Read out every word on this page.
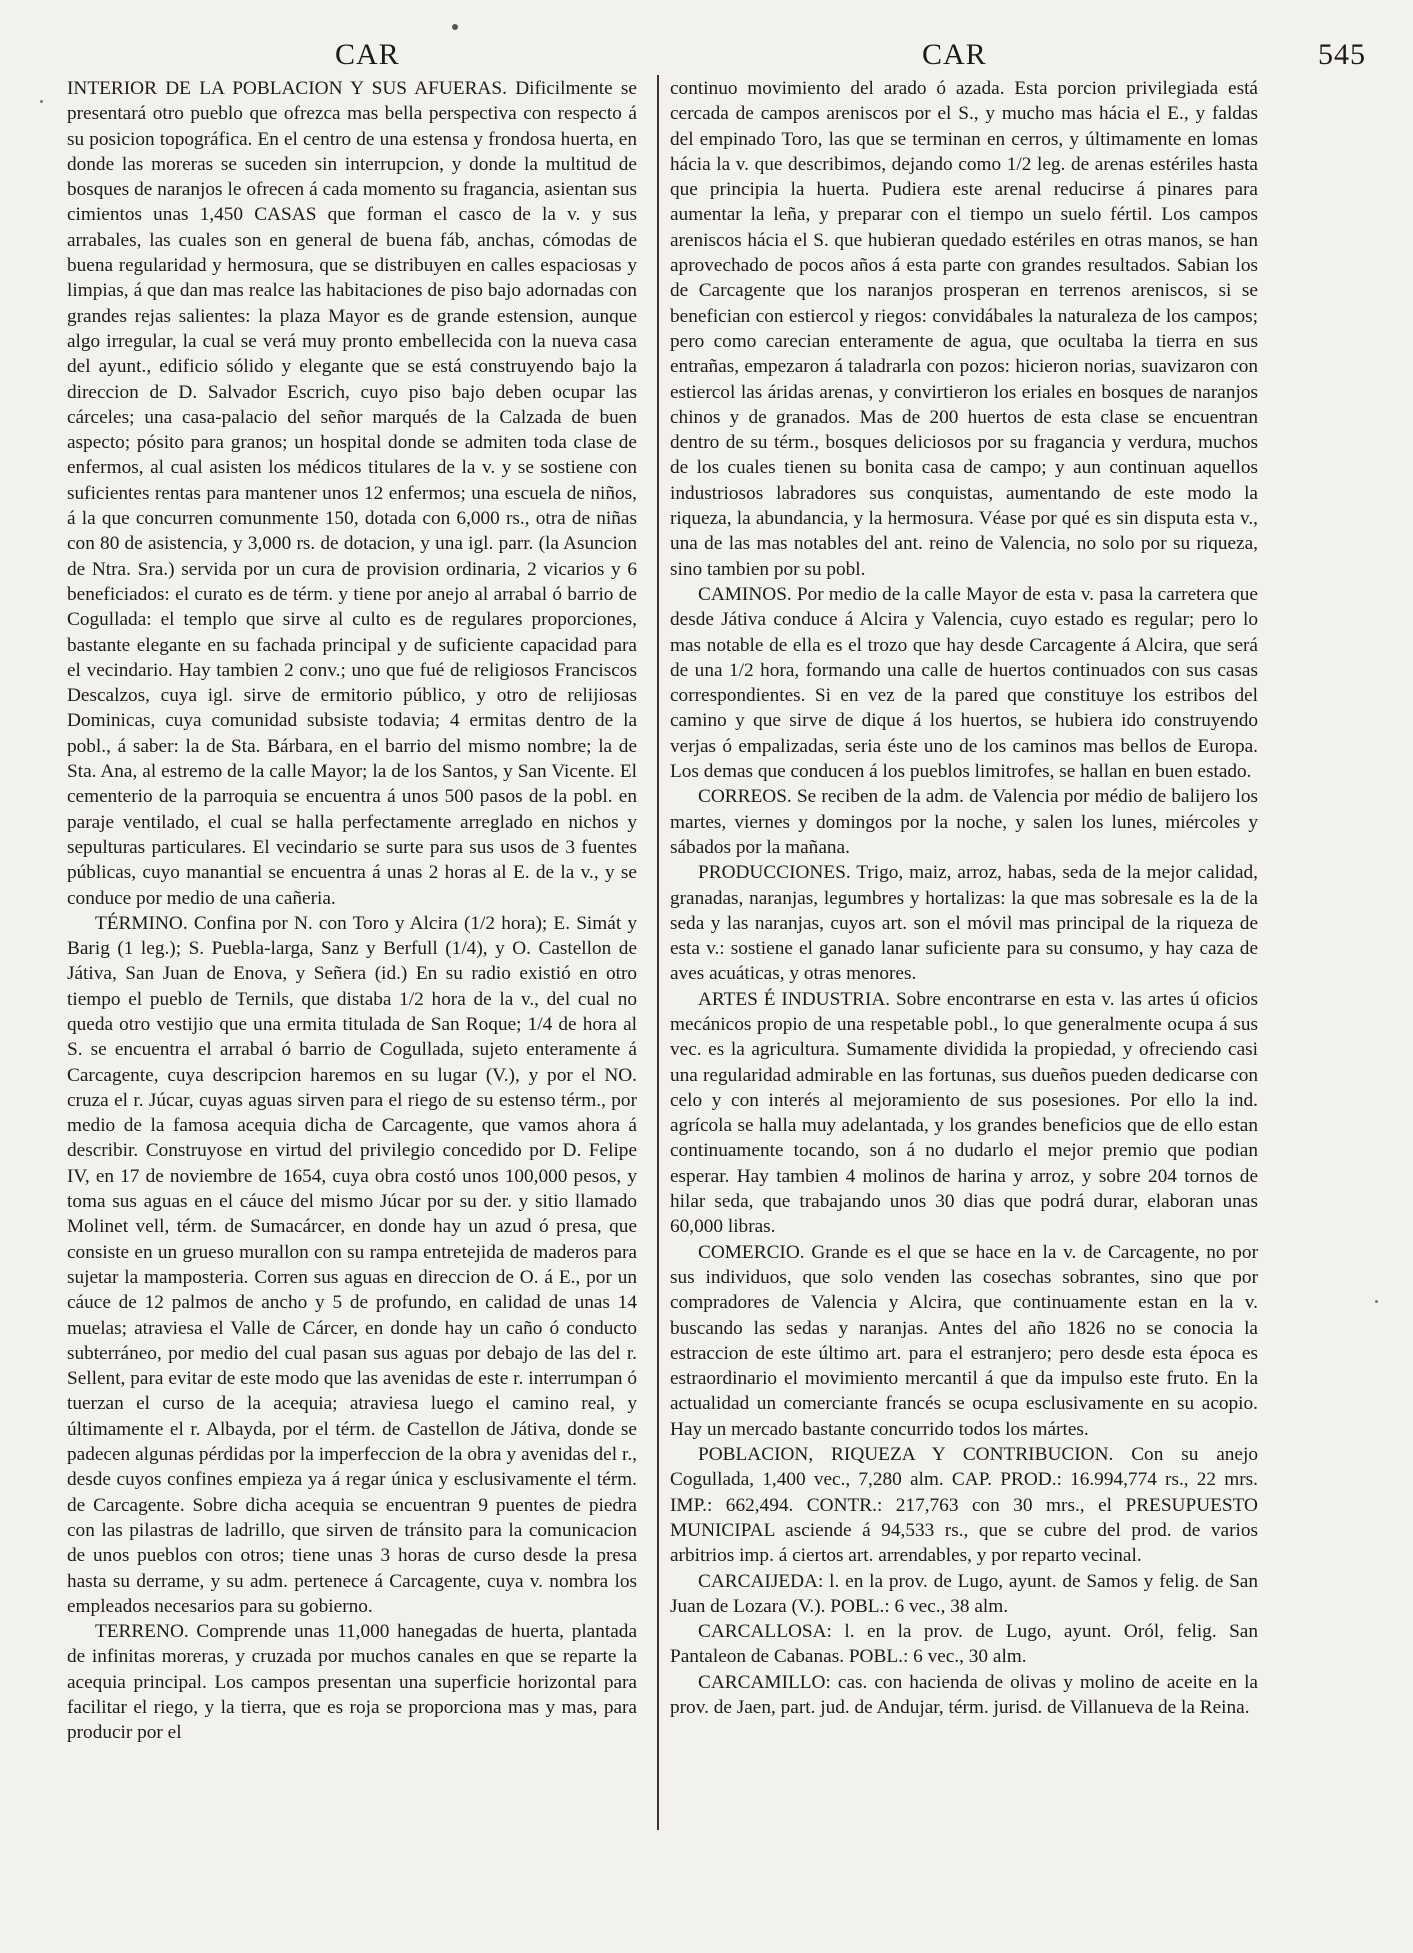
CAR	CAR	545

INTERIOR DE LA POBLACION Y SUS AFUERAS. Dificilmente se presentará otro pueblo que ofrezca mas bella perspectiva con respecto á su posicion topográfica. En el centro de una estensa y frondosa huerta, en donde las moreras se suceden sin interrupcion, y donde la multitud de bosques de naranjos le ofrecen á cada momento su fragancia, asientan sus cimientos unas 1,450 CASAS que forman el casco de la v. y sus arrabales, las cuales son en general de buena fáb, anchas, cómodas de buena regularidad y hermosura, que se distribuyen en calles espaciosas y limpias, á que dan mas realce las habitaciones de piso bajo adornadas con grandes rejas salientes: la plaza Mayor es de grande estension, aunque algo irregular, la cual se verá muy pronto embellecida con la nueva casa del ayunt., edificio sólido y elegante que se está construyendo bajo la direccion de D. Salvador Escrich, cuyo piso bajo deben ocupar las cárceles; una casa-palacio del señor marqués de la Calzada de buen aspecto; pósito para granos; un hospital donde se admiten toda clase de enfermos, al cual asisten los médicos titulares de la v. y se sostiene con suficientes rentas para mantener unos 12 enfermos; una escuela de niños, á la que concurren comunmente 150, dotada con 6,000 rs., otra de niñas con 80 de asistencia, y 3,000 rs. de dotacion, y una igl. parr. (la Asuncion de Ntra. Sra.) servida por un cura de provision ordinaria, 2 vicarios y 6 beneficiados: el curato es de térm. y tiene por anejo al arrabal ó barrio de Cogullada: el templo que sirve al culto es de regulares proporciones, bastante elegante en su fachada principal y de suficiente capacidad para el vecindario. Hay tambien 2 conv.; uno que fué de religiosos Franciscos Descalzos, cuya igl. sirve de ermitorio público, y otro de relijiosas Dominicas, cuya comunidad subsiste todavia; 4 ermitas dentro de la pobl., á saber: la de Sta. Bárbara, en el barrio del mismo nombre; la de Sta. Ana, al estremo de la calle Mayor; la de los Santos, y San Vicente. El cementerio de la parroquia se encuentra á unos 500 pasos de la pobl. en paraje ventilado, el cual se halla perfectamente arreglado en nichos y sepulturas particulares. El vecindario se surte para sus usos de 3 fuentes públicas, cuyo manantial se encuentra á unas 2 horas al E. de la v., y se conduce por medio de una cañeria.

TÉRMINO. Confina por N. con Toro y Alcira (1/2 hora); E. Simát y Barig (1 leg.); S. Puebla-larga, Sanz y Berfull (1/4), y O. Castellon de Játiva, San Juan de Enova, y Señera (id.) En su radio existió en otro tiempo el pueblo de Ternils, que distaba 1/2 hora de la v., del cual no queda otro vestijio que una ermita titulada de San Roque; 1/4 de hora al S. se encuentra el arrabal ó barrio de Cogullada, sujeto enteramente á Carcagente, cuya descripcion haremos en su lugar (V.), y por el NO. cruza el r. Júcar, cuyas aguas sirven para el riego de su estenso térm., por medio de la famosa acequia dicha de Carcagente, que vamos ahora á describir. Construyose en virtud del privilegio concedido por D. Felipe IV, en 17 de noviembre de 1654, cuya obra costó unos 100,000 pesos, y toma sus aguas en el cáuce del mismo Júcar por su der. y sitio llamado Molinet vell, térm. de Sumacárcer, en donde hay un azud ó presa, que consiste en un grueso murallon con su rampa entretejida de maderos para sujetar la mamposteria. Corren sus aguas en direccion de O. á E., por un cáuce de 12 palmos de ancho y 5 de profundo, en calidad de unas 14 muelas; atraviesa el Valle de Cárcer, en donde hay un caño ó conducto subterráneo, por medio del cual pasan sus aguas por debajo de las del r. Sellent, para evitar de este modo que las avenidas de este r. interrumpan ó tuerzan el curso de la acequia; atraviesa luego el camino real, y últimamente el r. Albayda, por el térm. de Castellon de Játiva, donde se padecen algunas pérdidas por la imperfeccion de la obra y avenidas del r., desde cuyos confines empieza ya á regar única y esclusivamente el térm. de Carcagente. Sobre dicha acequia se encuentran 9 puentes de piedra con las pilastras de ladrillo, que sirven de tránsito para la comunicacion de unos pueblos con otros; tiene unas 3 horas de curso desde la presa hasta su derrame, y su adm. pertenece á Carcagente, cuya v. nombra los empleados necesarios para su gobierno.

TERRENO. Comprende unas 11,000 hanegadas de huerta, plantada de infinitas moreras, y cruzada por muchos canales en que se reparte la acequia principal. Los campos presentan una superficie horizontal para facilitar el riego, y la tierra, que es roja se proporciona mas y mas, para producir por el

continuo movimiento del arado ó azada. Esta porcion privilegiada está cercada de campos areniscos por el S., y mucho mas hácia el E., y faldas del empinado Toro, las que se terminan en cerros, y últimamente en lomas hácia la v. que describimos, dejando como 1/2 leg. de arenas estériles hasta que principia la huerta. Pudiera este arenal reducirse á pinares para aumentar la leña, y preparar con el tiempo un suelo fértil. Los campos areniscos hácia el S. que hubieran quedado estériles en otras manos, se han aprovechado de pocos años á esta parte con grandes resultados. Sabian los de Carcagente que los naranjos prosperan en terrenos areniscos, si se benefician con estiercol y riegos: convidábales la naturaleza de los campos; pero como carecian enteramente de agua, que ocultaba la tierra en sus entrañas, empezaron á taladrarla con pozos: hicieron norias, suavizaron con estiercol las áridas arenas, y convirtieron los eriales en bosques de naranjos chinos y de granados. Mas de 200 huertos de esta clase se encuentran dentro de su térm., bosques deliciosos por su fragancia y verdura, muchos de los cuales tienen su bonita casa de campo; y aun continuan aquellos industriosos labradores sus conquistas, aumentando de este modo la riqueza, la abundancia, y la hermosura. Véase por qué es sin disputa esta v., una de las mas notables del ant. reino de Valencia, no solo por su riqueza, sino tambien por su pobl.

CAMINOS. Por medio de la calle Mayor de esta v. pasa la carretera que desde Játiva conduce á Alcira y Valencia, cuyo estado es regular; pero lo mas notable de ella es el trozo que hay desde Carcagente á Alcira, que será de una 1/2 hora, formando una calle de huertos continuados con sus casas correspondientes. Si en vez de la pared que constituye los estribos del camino y que sirve de dique á los huertos, se hubiera ido construyendo verjas ó empalizadas, seria éste uno de los caminos mas bellos de Europa. Los demas que conducen á los pueblos limitrofes, se hallan en buen estado.

CORREOS. Se reciben de la adm. de Valencia por médio de balijero los martes, viernes y domingos por la noche, y salen los lunes, miércoles y sábados por la mañana.

PRODUCCIONES. Trigo, maiz, arroz, habas, seda de la mejor calidad, granadas, naranjas, legumbres y hortalizas: la que mas sobresale es la de la seda y las naranjas, cuyos art. son el móvil mas principal de la riqueza de esta v.: sostiene el ganado lanar suficiente para su consumo, y hay caza de aves acuáticas, y otras menores.

ARTES É INDUSTRIA. Sobre encontrarse en esta v. las artes ú oficios mecánicos propio de una respetable pobl., lo que generalmente ocupa á sus vec. es la agricultura. Sumamente dividida la propiedad, y ofreciendo casi una regularidad admirable en las fortunas, sus dueños pueden dedicarse con celo y con interés al mejoramiento de sus posesiones. Por ello la ind. agrícola se halla muy adelantada, y los grandes beneficios que de ello estan continuamente tocando, son á no dudarlo el mejor premio que podian esperar. Hay tambien 4 molinos de harina y arroz, y sobre 204 tornos de hilar seda, que trabajando unos 30 dias que podrá durar, elaboran unas 60,000 libras.

COMERCIO. Grande es el que se hace en la v. de Carcagente, no por sus individuos, que solo venden las cosechas sobrantes, sino que por compradores de Valencia y Alcira, que continuamente estan en la v. buscando las sedas y naranjas. Antes del año 1826 no se conocia la estraccion de este último art. para el estranjero; pero desde esta época es estraordinario el movimiento mercantil á que da impulso este fruto. En la actualidad un comerciante francés se ocupa esclusivamente en su acopio. Hay un mercado bastante concurrido todos los mártes.

POBLACION, RIQUEZA Y CONTRIBUCION. Con su anejo Cogullada, 1,400 vec., 7,280 alm. CAP. PROD.: 16.994,774 rs., 22 mrs. IMP.: 662,494. CONTR.: 217,763 con 30 mrs., el PRESUPUESTO MUNICIPAL asciende á 94,533 rs., que se cubre del prod. de varios arbitrios imp. á ciertos art. arrendables, y por reparto vecinal.

CARCAIJEDA: l. en la prov. de Lugo, ayunt. de Samos y felig. de San Juan de Lozara (V.). POBL.: 6 vec., 38 alm.

CARCALLOSA: l. en la prov. de Lugo, ayunt. Oról, felig. San Pantaleon de Cabanas. POBL.: 6 vec., 30 alm.

CARCAMILLO: cas. con hacienda de olivas y molino de aceite en la prov. de Jaen, part. jud. de Andujar, térm. jurisd. de Villanueva de la Reina.
